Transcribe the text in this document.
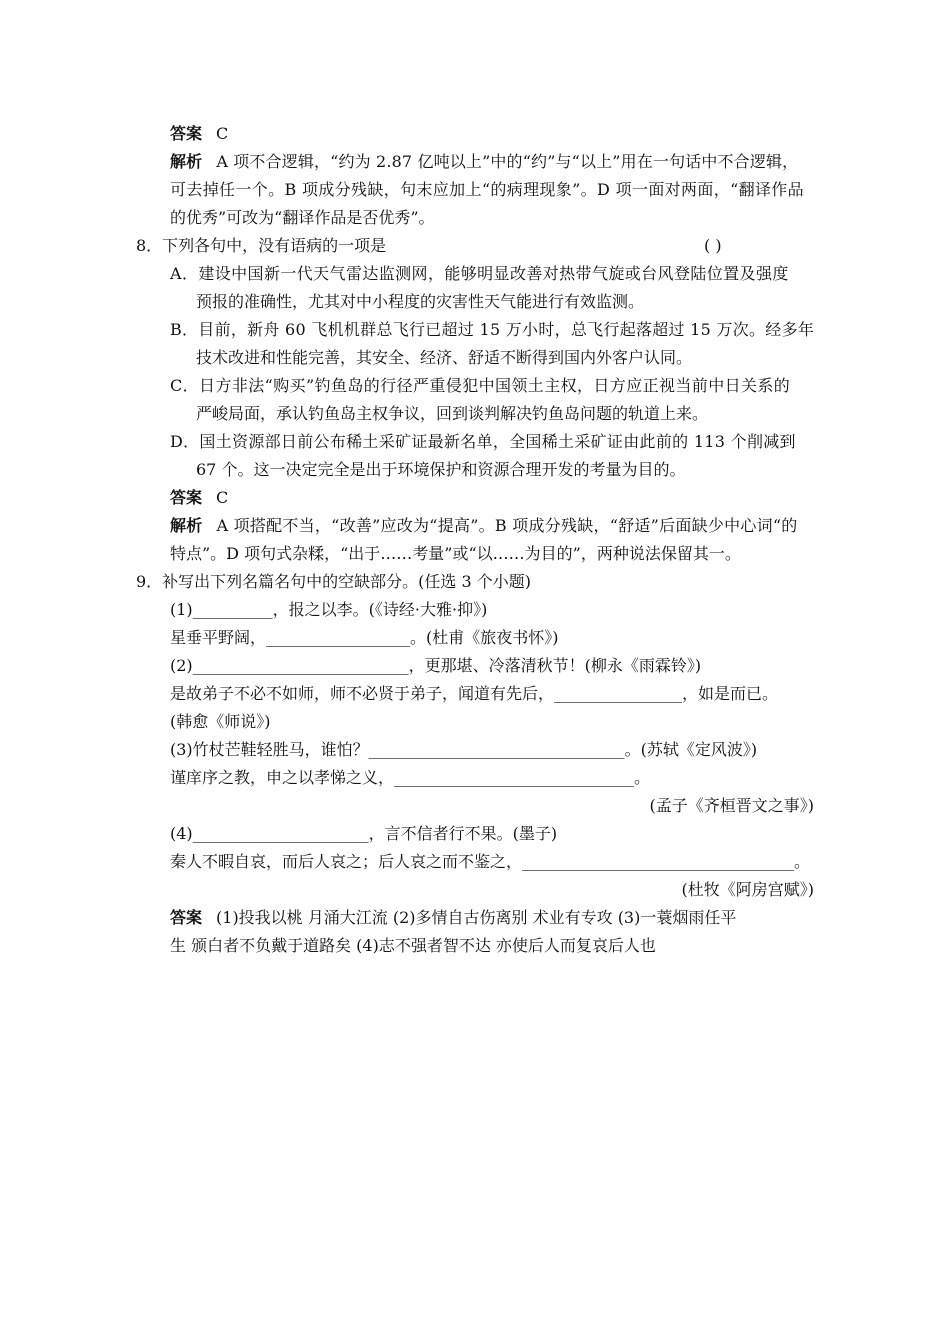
答案 C
解析 A 项不合逻辑，“约为 2.87 亿吨以上”中的“约”与“以上”用在一句话中不合逻辑，
可去掉任一个。B 项成分残缺，句末应加上“的病理现象”。D 项一面对两面，“翻译作品
的优秀”可改为“翻译作品是否优秀”。
8．下列各句中，没有语病的一项是	( )
A．建设中国新一代天气雷达监测网，能够明显改善对热带气旋或台风登陆位置及强度
预报的准确性，尤其对中小程度的灾害性天气能进行有效监测。
B．目前，新舟 60 飞机机群总飞行已超过 15 万小时，总飞行起落超过 15 万次。经多年
技术改进和性能完善，其安全、经济、舒适不断得到国内外客户认同。
C．日方非法“购买”钓鱼岛的行径严重侵犯中国领土主权，日方应正视当前中日关系的
严峻局面，承认钓鱼岛主权争议，回到谈判解决钓鱼岛问题的轨道上来。
D．国土资源部日前公布稀土采矿证最新名单，全国稀土采矿证由此前的 113 个削减到
67 个。这一决定完全是出于环境保护和资源合理开发的考量为目的。
答案 C
解析 A 项搭配不当，“改善”应改为“提高”。B 项成分残缺，“舒适”后面缺少中心词“的
特点”。D 项句式杂糅，“出于……考量”或“以……为目的”，两种说法保留其一。
9．补写出下列名篇名句中的空缺部分。(任选 3 个小题)
(1)__________，报之以李。(《诗经·大雅·抑》)
星垂平野阔，__________________。(杜甫《旅夜书怀》)
(2)___________________________，更那堪、冷落清秋节！(柳永《雨霖铃》)
是故弟子不必不如师，师不必贤于弟子，闻道有先后，________________，如是而已。
(韩愈《师说》)
(3)竹杖芒鞋轻胜马，谁怕？________________________________。(苏轼《定风波》)
谨庠序之教，申之以孝悌之义，______________________________。
(孟子《齐桓晋文之事》)
(4)______________________，言不信者行不果。(墨子)
秦人不暇自哀，而后人哀之；后人哀之而不鉴之，__________________________________。
(杜牧《阿房宫赋》)
答案 (1)投我以桃 月涌大江流 (2)多情自古伤离别 术业有专攻 (3)一蓑烟雨任平
生 颁白者不负戴于道路矣 (4)志不强者智不达 亦使后人而复哀后人也
